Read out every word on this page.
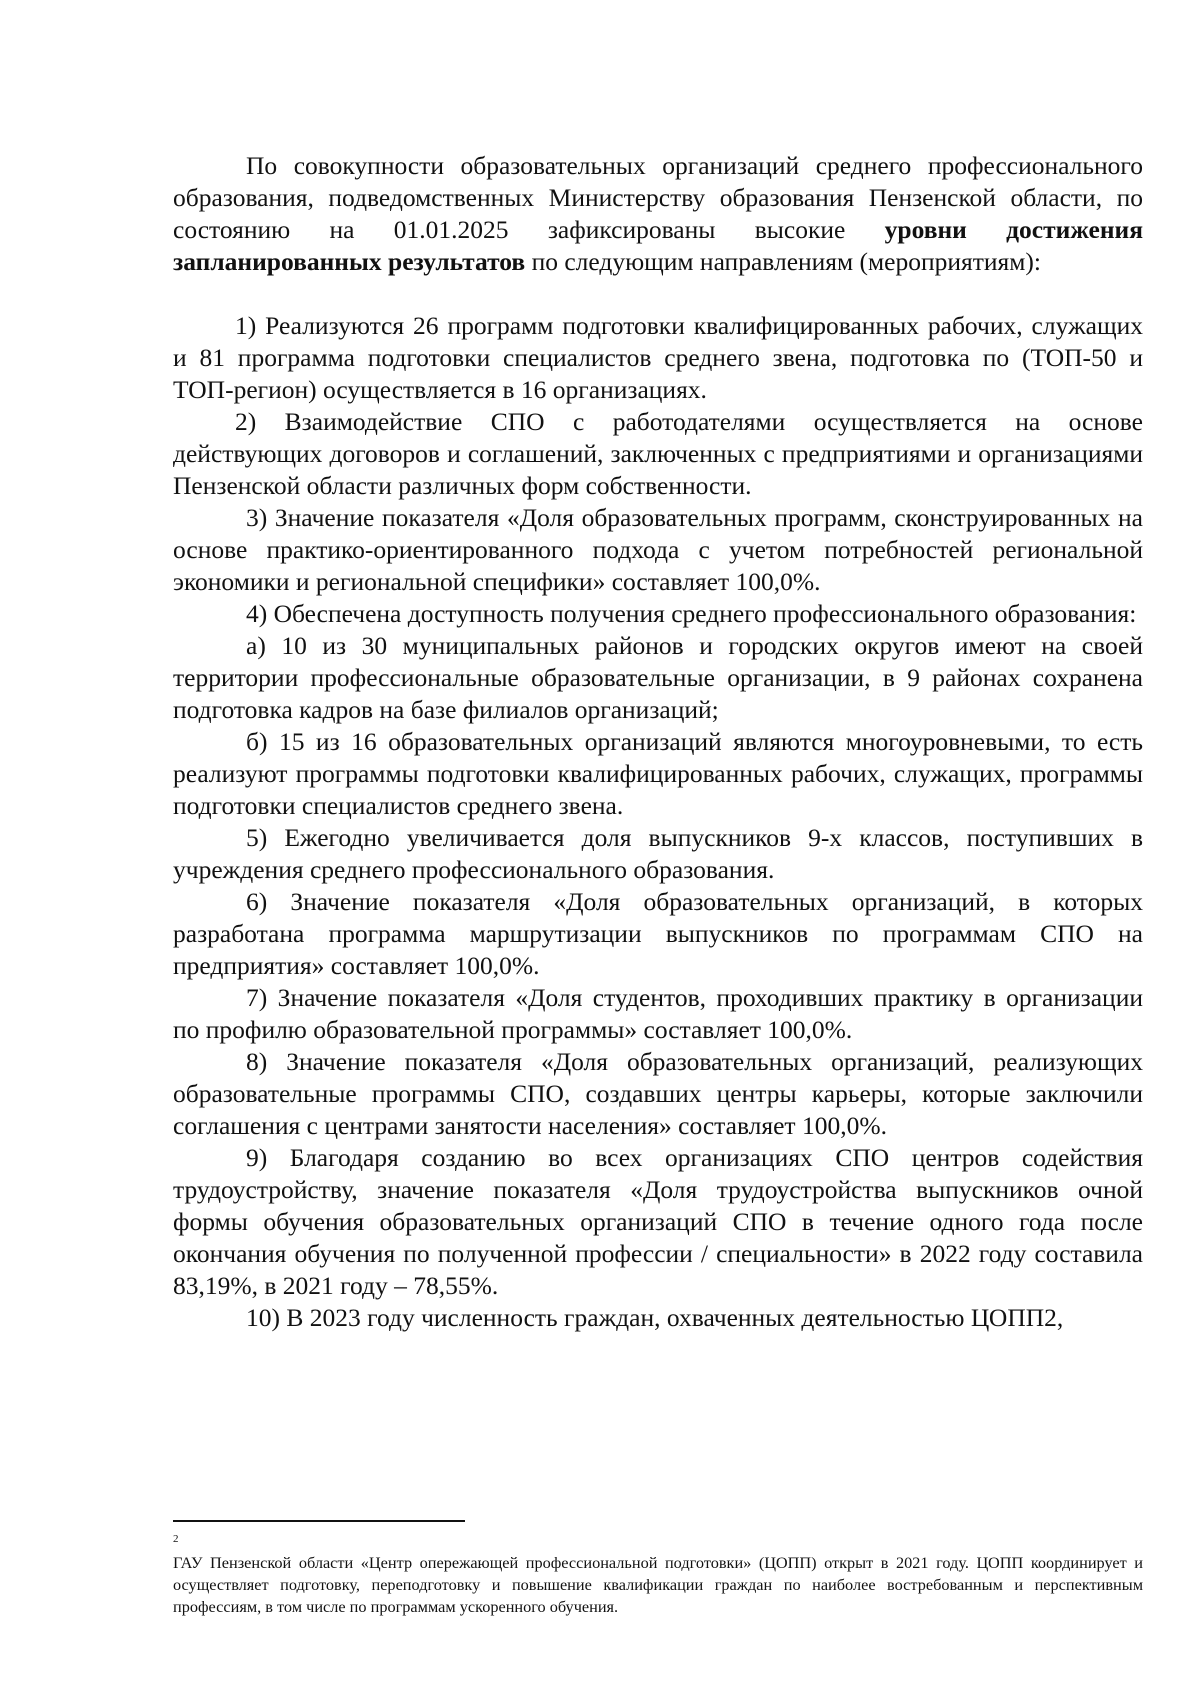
По совокупности образовательных организаций среднего профессионального образования, подведомственных Министерству образования Пензенской области, по состоянию на 01.01.2025 зафиксированы высокие уровни достижения запланированных результатов по следующим направлениям (мероприятиям):

1) Реализуются 26 программ подготовки квалифицированных рабочих, служащих и 81 программа подготовки специалистов среднего звена, подготовка по (ТОП-50 и ТОП-регион) осуществляется в 16 организациях.

2) Взаимодействие СПО с работодателями осуществляется на основе действующих договоров и соглашений, заключенных с предприятиями и организациями Пензенской области различных форм собственности.

3) Значение показателя «Доля образовательных программ, сконструированных на основе практико-ориентированного подхода с учетом потребностей региональной экономики и региональной специфики» составляет 100,0%.

4) Обеспечена доступность получения среднего профессионального образования:

а) 10 из 30 муниципальных районов и городских округов имеют на своей территории профессиональные образовательные организации, в 9 районах сохранена подготовка кадров на базе филиалов организаций;

б) 15 из 16 образовательных организаций являются многоуровневыми, то есть реализуют программы подготовки квалифицированных рабочих, служащих, программы подготовки специалистов среднего звена.

5) Ежегодно увеличивается доля выпускников 9-х классов, поступивших в учреждения среднего профессионального образования.

6) Значение показателя «Доля образовательных организаций, в которых разработана программа маршрутизации выпускников по программам СПО на предприятия» составляет 100,0%.

7) Значение показателя «Доля студентов, проходивших практику в организации по профилю образовательной программы» составляет 100,0%.

8) Значение показателя «Доля образовательных организаций, реализующих образовательные программы СПО, создавших центры карьеры, которые заключили соглашения с центрами занятости населения» составляет 100,0%.

9) Благодаря созданию во всех организациях СПО центров содействия трудоустройству, значение показателя «Доля трудоустройства выпускников очной формы обучения образовательных организаций СПО в течение одного года после окончания обучения по полученной профессии / специальности» в 2022 году составила 83,19%, в 2021 году – 78,55%.

10) В 2023 году численность граждан, охваченных деятельностью ЦОПП2,

2

ГАУ Пензенской области «Центр опережающей профессиональной подготовки» (ЦОПП) открыт в 2021 году. ЦОПП координирует и осуществляет подготовку, переподготовку и повышение квалификации граждан по наиболее востребованным и перспективным профессиям, в том числе по программам ускоренного обучения.
